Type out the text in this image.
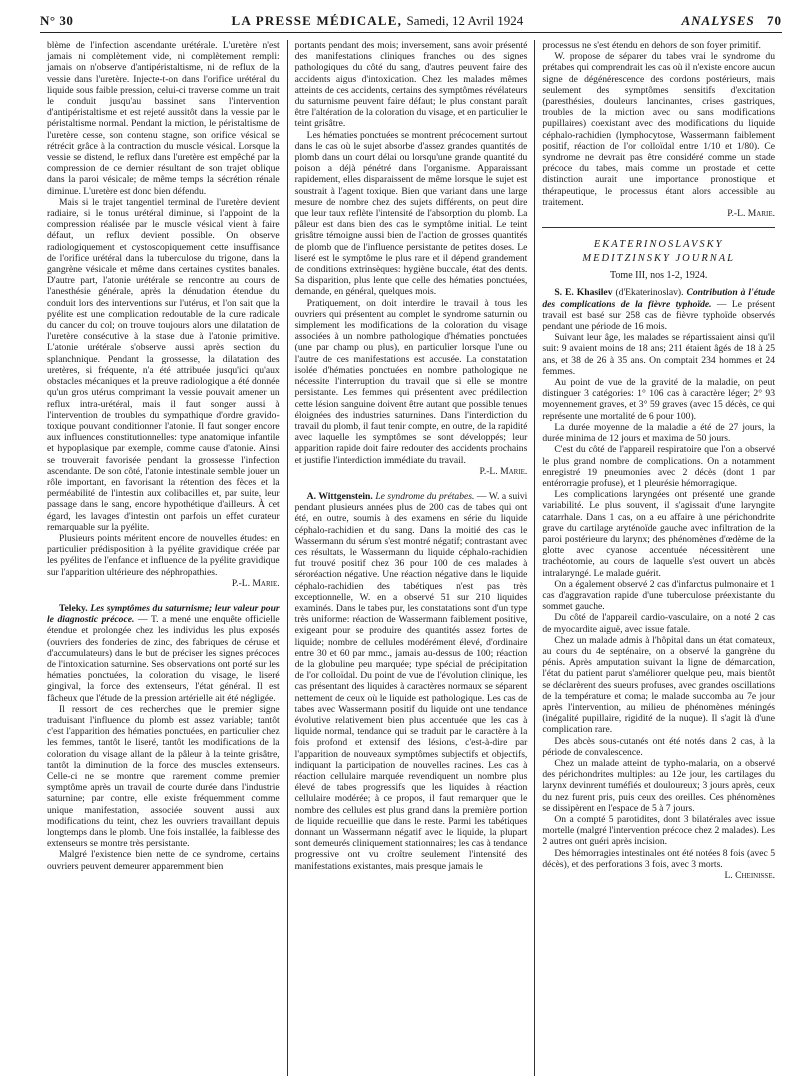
N° 30	LA PRESSE MÉDICALE, Samedi, 12 Avril 1924	ANALYSES 70

blème de l'infection ascendante urétérale. L'uretère n'est jamais ni complètement vide, ni complètement rempli: jamais on n'observe d'antipéristaltisme, ni de reflux de la vessie dans l'uretère. Injecte-t-on dans l'orifice urétéral du liquide sous faible pression, celui-ci traverse comme un trait le conduit jusqu'au bassinet sans l'intervention d'antipéristaltisme et est rejeté aussitôt dans la vessie par le péristaltisme normal. Pendant la miction, le péristaltisme de l'uretère cesse, son contenu stagne, son orifice vésical se rétrécit grâce à la contraction du muscle vésical. Lorsque la vessie se distend, le reflux dans l'uretère est empêché par la compression de ce dernier résultant de son trajet oblique dans la paroi vésicale; de même temps la sécrétion rénale diminue. L'uretère est donc bien défendu.

Mais si le trajet tangentiel terminal de l'uretère devient radiaire, si le tonus urétéral diminue, si l'appoint de la compression réalisée par le muscle vésical vient à faire défaut, un reflux devient possible. On observe radiologiquement et cystoscopiquement cette insuffisance de l'orifice urétéral dans la tuberculose du trigone, dans la gangrène vésicale et même dans certaines cystites banales. D'autre part, l'atonie urétérale se rencontre au cours de l'anesthésie générale, après la dénudation étendue du conduit lors des interventions sur l'utérus, et l'on sait que la pyélite est une complication redoutable de la cure radicale du cancer du col; on trouve toujours alors une dilatation de l'uretère consécutive à la stase due à l'atonie primitive. L'atonie urétérale s'observe aussi après section du splanchnique. Pendant la grossesse, la dilatation des uretères, si fréquente, n'a été attribuée jusqu'ici qu'aux obstacles mécaniques et la preuve radiologique a été donnée qu'un gros utérus comprimant la vessie pouvait amener un reflux intra-urétéral, mais il faut songer aussi à l'intervention de troubles du sympathique d'ordre gravido-toxique pouvant conditionner l'atonie. Il faut songer encore aux influences constitutionnelles: type anatomique infantile et hypoplasique par exemple, comme cause d'atonie. Ainsi se trouverait favorisée pendant la grossesse l'infection ascendante. De son côté, l'atonie intestinale semble jouer un rôle important, en favorisant la rétention des fèces et la perméabilité de l'intestin aux colibacilles et, par suite, leur passage dans le sang, encore hypothétique d'ailleurs. À cet égard, les lavages d'intestin ont parfois un effet curateur remarquable sur la pyélite.

Plusieurs points méritent encore de nouvelles études: en particulier prédisposition à la pyélite gravidique créée par les pyélites de l'enfance et influence de la pyélite gravidique sur l'apparition ultérieure des néphropathies.

P.-L. Marie.

Teleky. Les symptômes du saturnisme; leur valeur pour le diagnostic précoce. — T. a mené une enquête officielle étendue et prolongée chez les individus les plus exposés (ouvriers des fonderies de zinc, des fabriques de céruse et d'accumulateurs) dans le but de préciser les signes précoces de l'intoxication saturnine. Ses observations ont porté sur les hématies ponctuées, la coloration du visage, le liseré gingival, la force des extenseurs, l'état général. Il est fâcheux que l'étude de la pression artérielle ait été négligée.

Il ressort de ces recherches que le premier signe traduisant l'influence du plomb est assez variable; tantôt c'est l'apparition des hématies ponctuées, en particulier chez les femmes, tantôt le liseré, tantôt les modifications de la coloration du visage allant de la pâleur à la teinte grisâtre, tantôt la diminution de la force des muscles extenseurs. Celle-ci ne se montre que rarement comme premier symptôme après un travail de courte durée dans l'industrie saturnine; par contre, elle existe fréquemment comme unique manifestation, associée souvent aussi aux modifications du teint, chez les ouvriers travaillant depuis longtemps dans le plomb. Une fois installée, la faiblesse des extenseurs se montre très persistante.

Malgré l'existence bien nette de ce syndrome, certains ouvriers peuvent demeurer apparemment bien

portants pendant des mois; inversement, sans avoir présenté des manifestations cliniques franches ou des signes pathologiques du côté du sang, d'autres peuvent faire des accidents aigus d'intoxication. Chez les malades mêmes atteints de ces accidents, certains des symptômes révélateurs du saturnisme peuvent faire défaut; le plus constant paraît être l'altération de la coloration du visage, et en particulier le teint grisâtre.

Les hématies ponctuées se montrent précocement surtout dans le cas où le sujet absorbe d'assez grandes quantités de plomb dans un court délai ou lorsqu'une grande quantité du poison a déjà pénétré dans l'organisme. Apparaissant rapidement, elles disparaissent de même lorsque le sujet est soustrait à l'agent toxique. Bien que variant dans une large mesure de nombre chez des sujets différents, on peut dire que leur taux reflète l'intensité de l'absorption du plomb. La pâleur est dans bien des cas le symptôme initial. Le teint grisâtre témoigne aussi bien de l'action de grosses quantités de plomb que de l'influence persistante de petites doses. Le liseré est le symptôme le plus rare et il dépend grandement de conditions extrinsèques: hygiène buccale, état des dents. Sa disparition, plus lente que celle des hématies ponctuées, demande, en général, quelques mois.

Pratiquement, on doit interdire le travail à tous les ouvriers qui présentent au complet le syndrome saturnin ou simplement les modifications de la coloration du visage associées à un nombre pathologique d'hématies ponctuées (une par champ ou plus), en particulier lorsque l'une ou l'autre de ces manifestations est accusée. La constatation isolée d'hématies ponctuées en nombre pathologique ne nécessite l'interruption du travail que si elle se montre persistante. Les femmes qui présentent avec prédilection cette lésion sanguine doivent être autant que possible tenues éloignées des industries saturnines. Dans l'interdiction du travail du plomb, il faut tenir compte, en outre, de la rapidité avec laquelle les symptômes se sont développés; leur apparition rapide doit faire redouter des accidents prochains et justifie l'interdiction immédiate du travail.

P.-L. Marie.

A. Wittgenstein. Le syndrome du prétabes. — W. a suivi pendant plusieurs années plus de 200 cas de tabes qui ont été, en outre, soumis à des examens en série du liquide céphalo-rachidien et du sang. Dans la moitié des cas le Wassermann du sérum s'est montré négatif; contrastant avec ces résultats, le Wassermann du liquide céphalo-rachidien fut trouvé positif chez 36 pour 100 de ces malades à séroréaction négative. Une réaction négative dans le liquide céphalo-rachidien des tabétiques n'est pas très exceptionnelle, W. en a observé 51 sur 210 liquides examinés. Dans le tabes pur, les constatations sont d'un type très uniforme: réaction de Wassermann faiblement positive, exigeant pour se produire des quantités assez fortes de liquide; nombre de cellules modérément élevé, d'ordinaire entre 30 et 60 par mmc., jamais au-dessus de 100; réaction de la globuline peu marquée; type spécial de précipitation de l'or colloïdal. Du point de vue de l'évolution clinique, les cas présentant des liquides à caractères normaux se séparent nettement de ceux où le liquide est pathologique. Les cas de tabes avec Wassermann positif du liquide ont une tendance évolutive relativement bien plus accentuée que les cas à liquide normal, tendance qui se traduit par le caractère à la fois profond et extensif des lésions, c'est-à-dire par l'apparition de nouveaux symptômes subjectifs et objectifs, indiquant la participation de nouvelles racines. Les cas à réaction cellulaire marquée revendiquent un nombre plus élevé de tabes progressifs que les liquides à réaction cellulaire modérée; à ce propos, il faut remarquer que le nombre des cellules est plus grand dans la première portion de liquide recueillie que dans le reste. Parmi les tabétiques donnant un Wassermann négatif avec le liquide, la plupart sont demeurés cliniquement stationnaires; les cas à tendance progressive ont vu croître seulement l'intensité des manifestations existantes, mais presque jamais le

processus ne s'est étendu en dehors de son foyer primitif.

W. propose de séparer du tabes vrai le syndrome du prétabes qui comprendrait les cas où il n'existe encore aucun signe de dégénérescence des cordons postérieurs, mais seulement des symptômes sensitifs d'excitation (paresthésies, douleurs lancinantes, crises gastriques, troubles de la miction avec ou sans modifications pupillaires) coexistant avec des modifications du liquide céphalo-rachidien (lymphocytose, Wassermann faiblement positif, réaction de l'or colloïdal entre 1/10 et 1/80). Ce syndrome ne devrait pas être considéré comme un stade précoce du tabes, mais comme un prostade et cette distinction aurait une importance pronostique et thérapeutique, le processus étant alors accessible au traitement.

P.-L. Marie.
EKATERINOSLAVSKY
MEDITZINSKY JOURNAL
Tome III, nos 1-2, 1924.

S. E. Khasilev (d'Ekaterinoslav). Contribution à l'étude des complications de la fièvre typhoïde. — Le présent travail est basé sur 258 cas de fièvre typhoïde observés pendant une période de 16 mois.

Suivant leur âge, les malades se répartissaient ainsi qu'il suit: 9 avaient moins de 18 ans; 211 étaient âgés de 18 à 25 ans, et 38 de 26 à 35 ans. On comptait 234 hommes et 24 femmes.

Au point de vue de la gravité de la maladie, on peut distinguer 3 catégories: 1° 106 cas à caractère léger; 2° 93 moyennement graves, et 3° 59 graves (avec 15 décès, ce qui représente une mortalité de 6 pour 100).

La durée moyenne de la maladie a été de 27 jours, la durée minima de 12 jours et maxima de 50 jours.

C'est du côté de l'appareil respiratoire que l'on a observé le plus grand nombre de complications. On a notamment enregistré 19 pneumonies avec 2 décès (dont 1 par entérorragie profuse), et 1 pleurésie hémorragique.

Les complications laryngées ont présenté une grande variabilité. Le plus souvent, il s'agissait d'une laryngite catarrhale. Dans 1 cas, on a eu affaire à une périchondrite grave du cartilage aryténoïde gauche avec infiltration de la paroi postérieure du larynx; des phénomènes d'œdème de la glotte avec cyanose accentuée nécessitèrent une trachéotomie, au cours de laquelle s'est ouvert un abcès intralaryngé. Le malade guérit.

On a également observé 2 cas d'infarctus pulmonaire et 1 cas d'aggravation rapide d'une tuberculose préexistante du sommet gauche.

Du côté de l'appareil cardio-vasculaire, on a noté 2 cas de myocardite aiguë, avec issue fatale.

Chez un malade admis à l'hôpital dans un état comateux, au cours du 4e septénaire, on a observé la gangrène du pénis. Après amputation suivant la ligne de démarcation, l'état du patient parut s'améliorer quelque peu, mais bientôt se déclarèrent des sueurs profuses, avec grandes oscillations de la température et coma; le malade succomba au 7e jour après l'intervention, au milieu de phénomènes méningés (inégalité pupillaire, rigidité de la nuque). Il s'agit là d'une complication rare.

Des abcès sous-cutanés ont été notés dans 2 cas, à la période de convalescence.

Chez un malade atteint de typho-malaria, on a observé des périchondrites multiples: au 12e jour, les cartilages du larynx devinrent tuméfiés et douloureux; 3 jours après, ceux du nez furent pris, puis ceux des oreilles. Ces phénomènes se dissipèrent en l'espace de 5 à 7 jours.

On a compté 5 parotidites, dont 3 bilatérales avec issue mortelle (malgré l'intervention précoce chez 2 malades). Les 2 autres ont guéri après incision.

Des hémorragies intestinales ont été notées 8 fois (avec 5 décès), et des perforations 3 fois, avec 3 morts.

L. Cheinisse.
